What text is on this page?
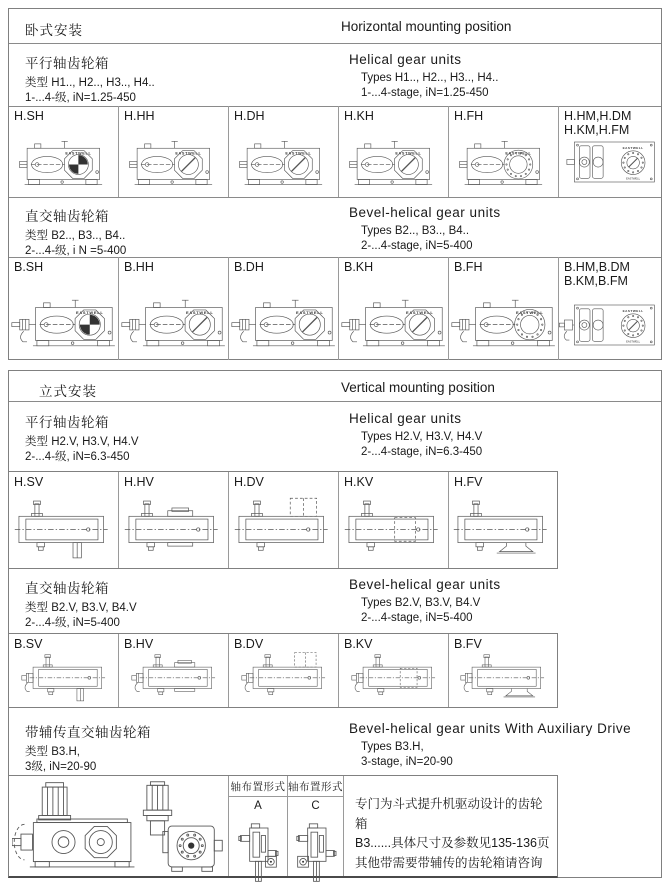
卧式安装	Horizontal mounting position
平行轴齿轮箱
类型 H1.., H2.., H3.., H4..
1-...4-级, iN=1.25-450
Helical gear units
Types H1.., H2.., H3.., H4..
1-...4-stage, iN=1.25-450
H.SH
EASTWELL
H.HH
EASTWELL
H.DH
EASTWELL
H.KH
EASTWELL
H.FH
EASTWELL
H.HM,H.DM
H.KM,H.FM
EASTWELL
EASTWELL
直交轴齿轮箱
类型 B2.., B3.., B4..
2-...4-级, i N =5-400
Bevel-helical gear units
Types B2.., B3.., B4..
2-...4-stage, iN=5-400
B.SH
EASTWELL
B.HH
EASTWELL
B.DH
EASTWELL
B.KH
EASTWELL
B.FH
EASTWELL
B.HM,B.DM
B.KM,B.FM
EASTWELL
EASTWELL
立式安装	Vertical mounting position
平行轴齿轮箱
类型 H2.V, H3.V, H4.V
2-...4-级, iN=6.3-450
Helical gear units
Types H2.V, H3.V, H4.V
2-...4-stage, iN=6.3-450
H.SV	H.HV	H.DV	H.KV	H.FV
直交轴齿轮箱
类型 B2.V, B3.V, B4.V
2-...4-级, iN=5-400
Bevel-helical gear units
Types B2.V, B3.V, B4.V
2-...4-stage, iN=5-400
B.SV	B.HV	B.DV	B.KV	B.FV
带辅传直交轴齿轮箱
类型 B3.H,
3级, iN=20-90
Bevel-helical gear units With Auxiliary Drive
Types B3.H,
3-stage, iN=20-90
轴布置形式
A
轴布置形式
C	专门为斗式提升机驱动设计的齿轮箱
B3......具体尺寸及参数见135-136页
其他带需要带辅传的齿轮箱请咨询
